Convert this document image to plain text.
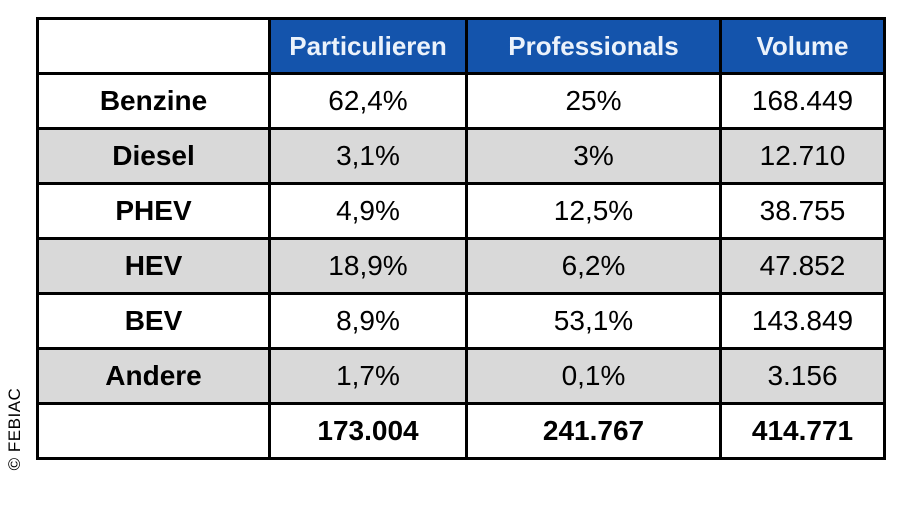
© FEBIAC
	Particulieren	Professionals	Volume
Benzine	62,4%	25%	168.449
Diesel	3,1%	3%	12.710
PHEV	4,9%	12,5%	38.755
HEV	18,9%	6,2%	47.852
BEV	8,9%	53,1%	143.849
Andere	1,7%	0,1%	3.156
	173.004	241.767	414.771
